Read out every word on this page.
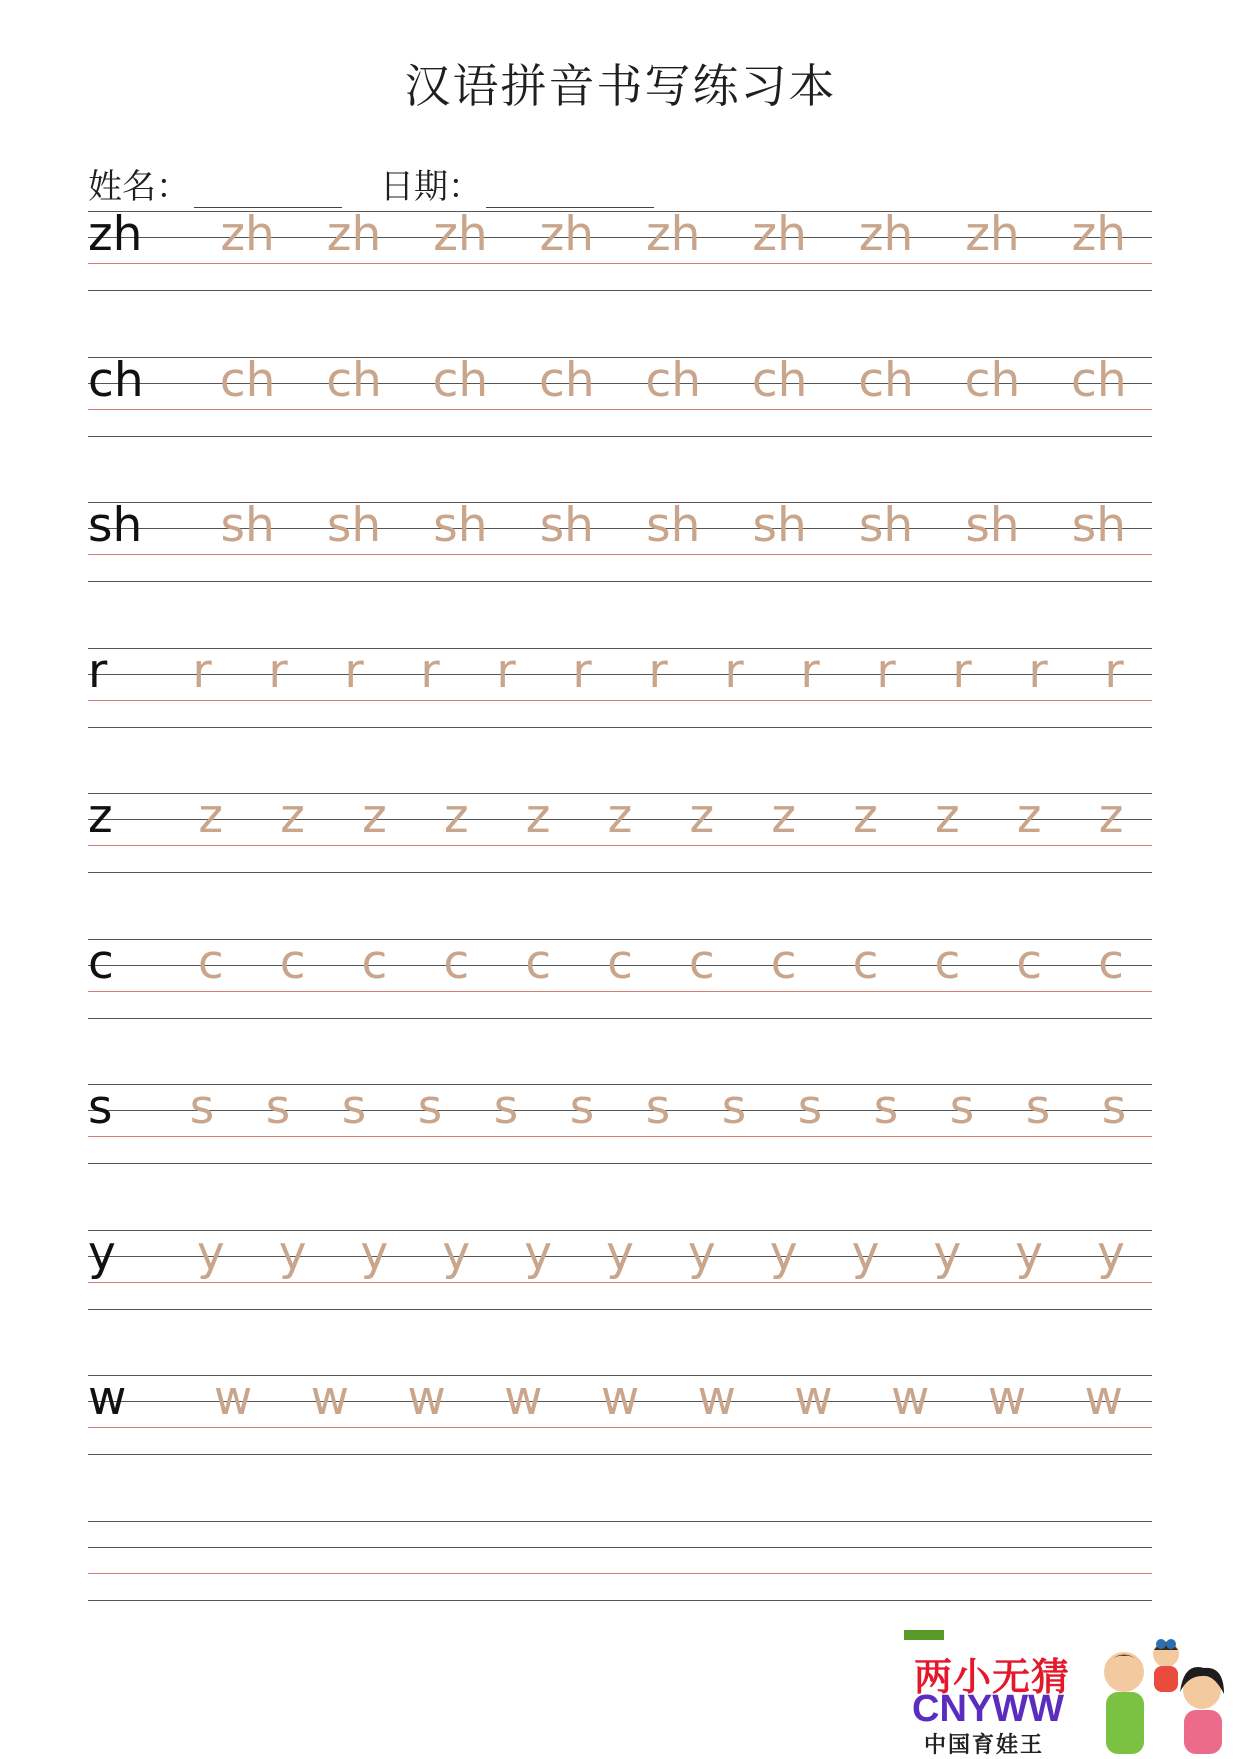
汉语拼音书写练习本
姓名：	日期：
zh	zh	zh	zh	zh	zh	zh	zh	zh	zh
ch	ch	ch	ch	ch	ch	ch	ch	ch	ch
sh	sh	sh	sh	sh	sh	sh	sh	sh	sh
r	r	r	r	r	r	r	r	r	r	r	r	r	r
z	z	z	z	z	z	z	z	z	z	z	z	z
c	c	c	c	c	c	c	c	c	c	c	c	c
s	s	s	s	s	s	s	s	s	s	s	s	s	s
y	y	y	y	y	y	y	y	y	y	y	y	y
w	w	w	w	w	w	w	w	w	w	w
两小无猜
CNYWW
中国育娃王
